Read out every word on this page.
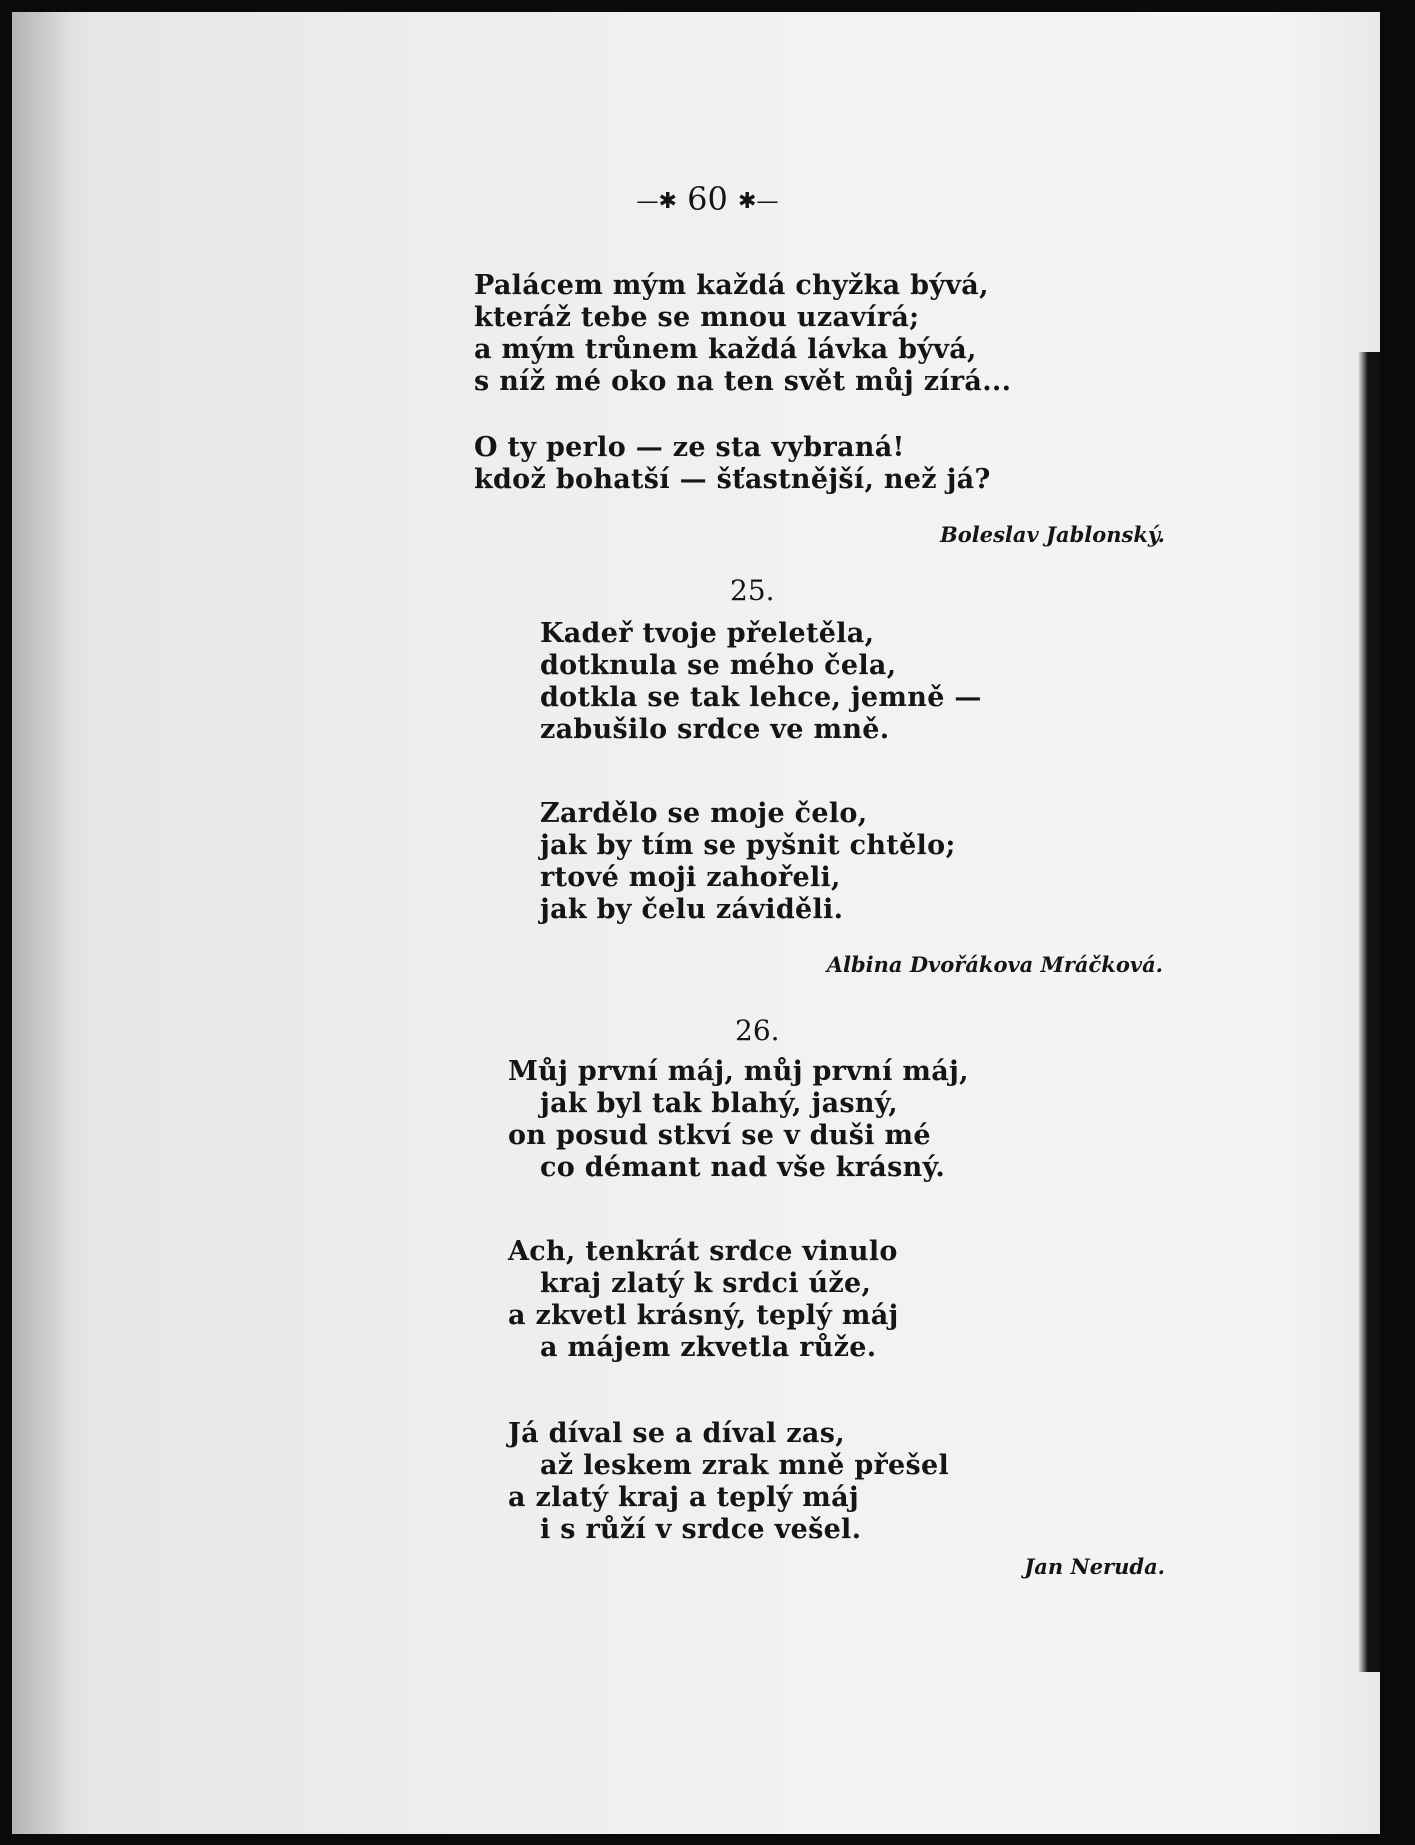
—✱ 60 ✱—
Palácem mým každá chyžka bývá,
kteráž tebe se mnou uzavírá;
a mým trůnem každá lávka bývá,
s níž mé oko na ten svět můj zírá...
O ty perlo — ze sta vybraná!
kdož bohatší — šťastnější, než já?
Boleslav Jablonský.
25.
Kadeř tvoje přeletěla,
dotknula se mého čela,
dotkla se tak lehce, jemně —
zabušilo srdce ve mně.
Zardělo se moje čelo,
jak by tím se pyšnit chtělo;
rtové moji zahořeli,
jak by čelu záviděli.
Albina Dvořákova Mráčková.
26.
Můj první máj, můj první máj,
jak byl tak blahý, jasný,
on posud stkví se v duši mé
co démant nad vše krásný.
Ach, tenkrát srdce vinulo
kraj zlatý k srdci úže,
a zkvetl krásný, teplý máj
a májem zkvetla růže.
Já díval se a díval zas,
až leskem zrak mně přešel
a zlatý kraj a teplý máj
i s růží v srdce vešel.
Jan Neruda.
